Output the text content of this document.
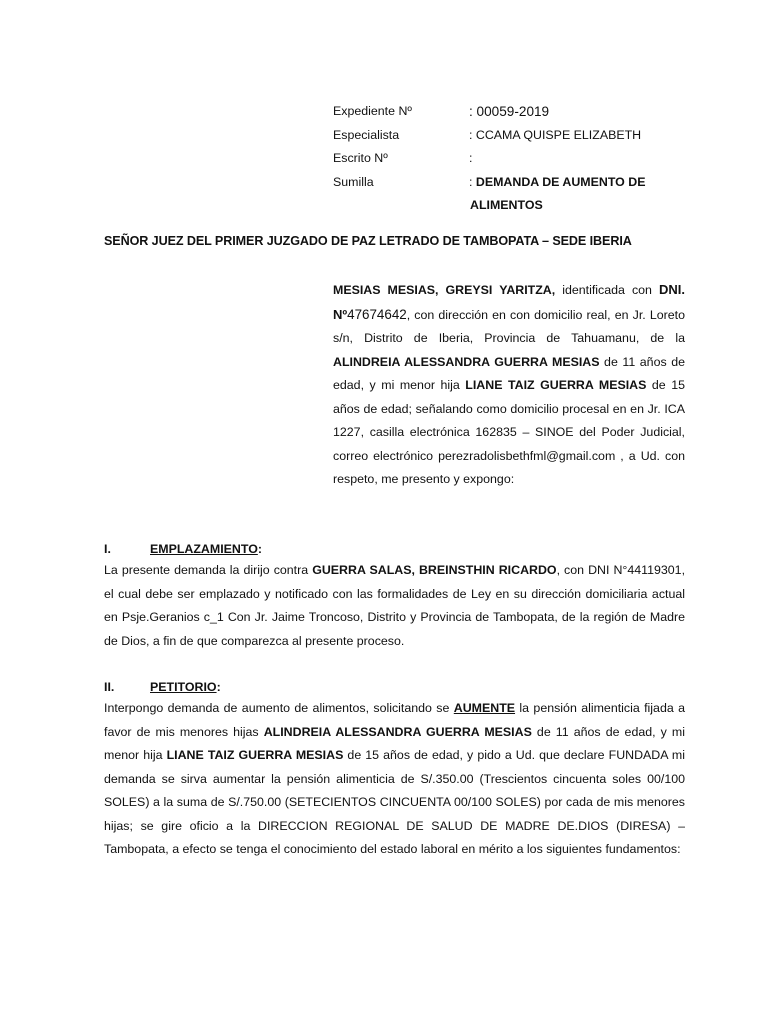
Expediente Nº	: 00059-2019
Especialista	: CCAMA QUISPE ELIZABETH
Escrito Nº	:
Sumilla	: DEMANDA DE AUMENTO DE
ALIMENTOS
SEÑOR JUEZ DEL PRIMER JUZGADO DE PAZ LETRADO DE TAMBOPATA – SEDE IBERIA

MESIAS MESIAS, GREYSI YARITZA, identificada con DNI. Nº47674642, con dirección en con domicilio real, en Jr. Loreto s/n, Distrito de Iberia, Provincia de Tahuamanu, de la ALINDREIA ALESSANDRA GUERRA MESIAS de 11 años de edad, y mi menor hija LIANE TAIZ GUERRA MESIAS de 15 años de edad; señalando como domicilio procesal en en Jr. ICA 1227, casilla electrónica 162835 – SINOE del Poder Judicial, correo electrónico perezradolisbethfml@gmail.com , a Ud. con respeto, me presento y expongo:

I.	EMPLAZAMIENTO:

La presente demanda la dirijo contra GUERRA SALAS, BREINSTHIN RICARDO, con DNI N°44119301, el cual debe ser emplazado y notificado con las formalidades de Ley en su dirección domiciliaria actual en Psje.Geranios c_1 Con Jr. Jaime Troncoso, Distrito y Provincia de Tambopata, de la región de Madre de Dios, a fin de que comparezca al presente proceso.

II.	PETITORIO:

Interpongo demanda de aumento de alimentos, solicitando se AUMENTE la pensión alimenticia fijada a favor de mis menores hijas ALINDREIA ALESSANDRA GUERRA MESIAS de 11 años de edad, y mi menor hija LIANE TAIZ GUERRA MESIAS de 15 años de edad, y pido a Ud. que declare FUNDADA mi demanda se sirva aumentar la pensión alimenticia de S/.350.00 (Trescientos cincuenta soles 00/100 SOLES) a la suma de S/.750.00 (SETECIENTOS CINCUENTA 00/100 SOLES) por cada de mis menores hijas; se gire oficio a la DIRECCION REGIONAL DE SALUD DE MADRE DE.DIOS (DIRESA) – Tambopata, a efecto se tenga el conocimiento del estado laboral en mérito a los siguientes fundamentos:
